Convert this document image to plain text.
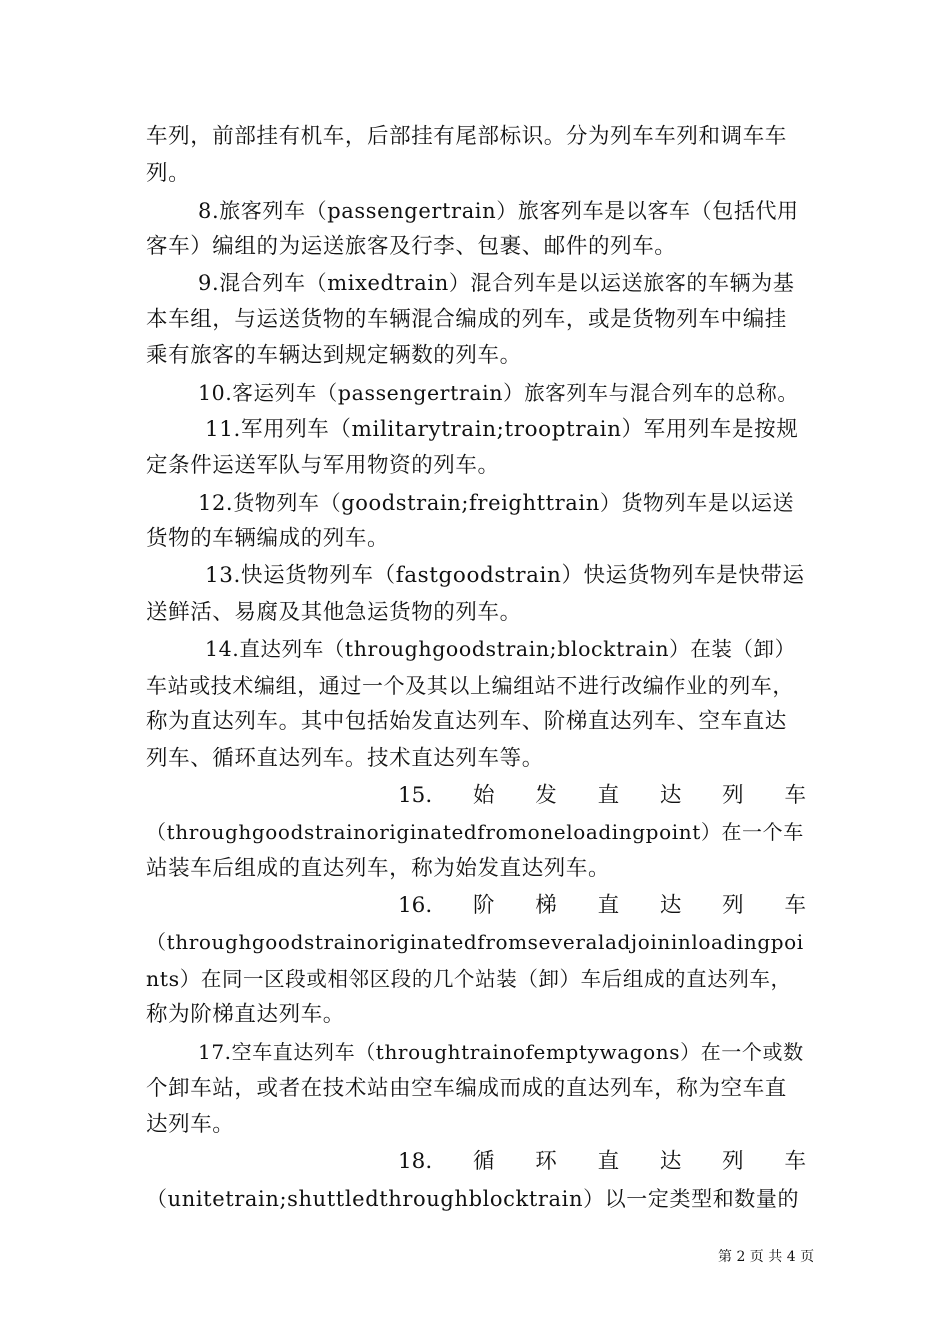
车列，前部挂有机车，后部挂有尾部标识。分为列车车列和调车车
列。
8.旅客列车（passengertrain）旅客列车是以客车（包括代用
客车）编组的为运送旅客及行李、包裹、邮件的列车。
9.混合列车（mixedtrain）混合列车是以运送旅客的车辆为基
本车组，与运送货物的车辆混合编成的列车，或是货物列车中编挂
乘有旅客的车辆达到规定辆数的列车。
10.客运列车（passengertrain）旅客列车与混合列车的总称。
11.军用列车（militarytrain;trooptrain）军用列车是按规
定条件运送军队与军用物资的列车。
12.货物列车（goodstrain;freighttrain）货物列车是以运送
货物的车辆编成的列车。
13.快运货物列车（fastgoodstrain）快运货物列车是快带运
送鲜活、易腐及其他急运货物的列车。
14.直达列车（throughgoodstrain;blocktrain）在装（卸）
车站或技术编组，通过一个及其以上编组站不进行改编作业的列车，
称为直达列车。其中包括始发直达列车、阶梯直达列车、空车直达
列车、循环直达列车。技术直达列车等。
15. 始 发 直 达 列 车
（throughgoodstrainoriginatedfromoneloadingpoint）在一个车
站装车后组成的直达列车，称为始发直达列车。
16. 阶 梯 直 达 列 车
（throughgoodstrainoriginatedfromseveraladjoininloadingpoi
nts）在同一区段或相邻区段的几个站装（卸）车后组成的直达列车，
称为阶梯直达列车。
17.空车直达列车（throughtrainofemptywagons）在一个或数
个卸车站，或者在技术站由空车编成而成的直达列车，称为空车直
达列车。
18. 循 环 直 达 列 车
（unitetrain;shuttledthroughblocktrain）以一定类型和数量的
第 2 页 共 4 页
